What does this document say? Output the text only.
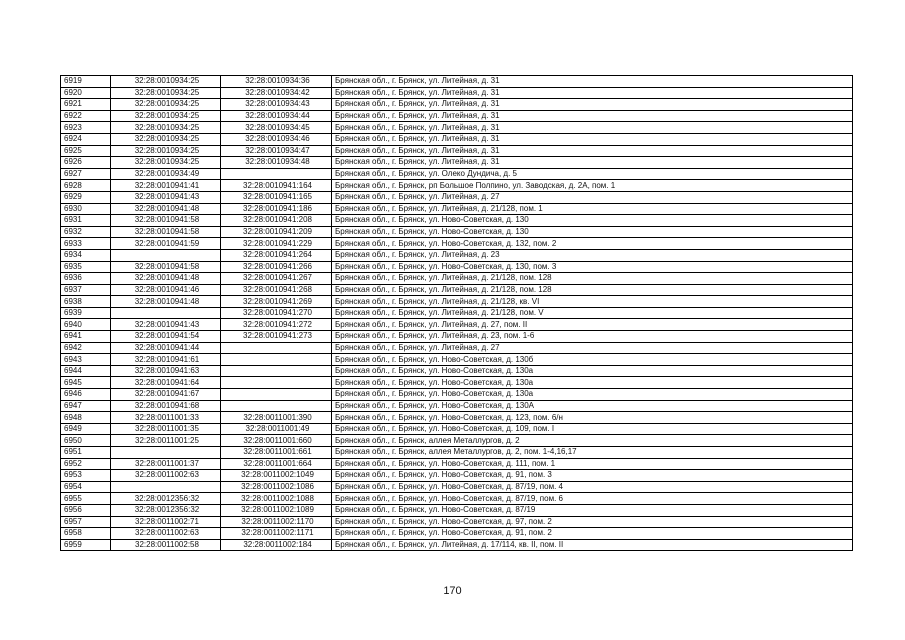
6919	32:28:0010934:25	32:28:0010934:36	Брянская обл., г. Брянск, ул. Литейная, д. 31
6920	32:28:0010934:25	32:28:0010934:42	Брянская обл., г. Брянск, ул. Литейная, д. 31
6921	32:28:0010934:25	32:28:0010934:43	Брянская обл., г. Брянск, ул. Литейная, д. 31
6922	32:28:0010934:25	32:28:0010934:44	Брянская обл., г. Брянск, ул. Литейная, д. 31
6923	32:28:0010934:25	32:28:0010934:45	Брянская обл., г. Брянск, ул. Литейная, д. 31
6924	32:28:0010934:25	32:28:0010934:46	Брянская обл., г. Брянск, ул. Литейная, д. 31
6925	32:28:0010934:25	32:28:0010934:47	Брянская обл., г. Брянск, ул. Литейная, д. 31
6926	32:28:0010934:25	32:28:0010934:48	Брянская обл., г. Брянск, ул. Литейная, д. 31
6927	32:28:0010934:49		Брянская обл., г. Брянск, ул. Олеко Дундича, д. 5
6928	32:28:0010941:41	32:28:0010941:164	Брянская обл., г. Брянск, рп Большое Полпино, ул. Заводская, д. 2А, пом. 1
6929	32:28:0010941:43	32:28:0010941:165	Брянская обл., г. Брянск, ул. Литейная, д. 27
6930	32:28:0010941:48	32:28:0010941:186	Брянская обл., г. Брянск, ул. Литейная, д. 21/128, пом. 1
6931	32:28:0010941:58	32:28:0010941:208	Брянская обл., г. Брянск, ул. Ново-Советская, д. 130
6932	32:28:0010941:58	32:28:0010941:209	Брянская обл., г. Брянск, ул. Ново-Советская, д. 130
6933	32:28:0010941:59	32:28:0010941:229	Брянская обл., г. Брянск, ул. Ново-Советская, д. 132, пом. 2
6934		32:28:0010941:264	Брянская обл., г. Брянск, ул. Литейная, д. 23
6935	32:28:0010941:58	32:28:0010941:266	Брянская обл., г. Брянск, ул. Ново-Советская, д. 130, пом. 3
6936	32:28:0010941:48	32:28:0010941:267	Брянская обл., г. Брянск, ул. Литейная, д. 21/128, пом. 128
6937	32:28:0010941:46	32:28:0010941:268	Брянская обл., г. Брянск, ул. Литейная, д. 21/128, пом. 128
6938	32:28:0010941:48	32:28:0010941:269	Брянская обл., г. Брянск, ул. Литейная, д. 21/128, кв. VI
6939		32:28:0010941:270	Брянская обл., г. Брянск, ул. Литейная, д. 21/128, пом. V
6940	32:28:0010941:43	32:28:0010941:272	Брянская обл., г. Брянск, ул. Литейная, д. 27, пом. II
6941	32:28:0010941:54	32:28:0010941:273	Брянская обл., г. Брянск, ул. Литейная, д. 23, пом. 1-6
6942	32:28:0010941:44		Брянская обл., г. Брянск, ул. Литейная, д. 27
6943	32:28:0010941:61		Брянская обл., г. Брянск, ул. Ново-Советская, д. 130б
6944	32:28:0010941:63		Брянская обл., г. Брянск, ул. Ново-Советская, д. 130а
6945	32:28:0010941:64		Брянская обл., г. Брянск, ул. Ново-Советская, д. 130а
6946	32:28:0010941:67		Брянская обл., г. Брянск, ул. Ново-Советская, д. 130а
6947	32:28:0010941:68		Брянская обл., г. Брянск, ул. Ново-Советская, д. 130А
6948	32:28:0011001:33	32:28:0011001:390	Брянская обл., г. Брянск, ул. Ново-Советская, д. 123, пом. 6/н
6949	32:28:0011001:35	32:28:0011001:49	Брянская обл., г. Брянск, ул. Ново-Советская, д. 109, пом. I
6950	32:28:0011001:25	32:28:0011001:660	Брянская обл., г. Брянск, аллея Металлургов, д. 2
6951		32:28:0011001:661	Брянская обл., г. Брянск, аллея Металлургов, д. 2, пом. 1-4,16,17
6952	32:28:0011001:37	32:28:0011001:664	Брянская обл., г. Брянск, ул. Ново-Советская, д. 111, пом. 1
6953	32:28:0011002:63	32:28:0011002:1049	Брянская обл., г. Брянск, ул. Ново-Советская, д. 91, пом. 3
6954		32:28:0011002:1086	Брянская обл., г. Брянск, ул. Ново-Советская, д. 87/19, пом. 4
6955	32:28:0012356:32	32:28:0011002:1088	Брянская обл., г. Брянск, ул. Ново-Советская, д. 87/19, пом. 6
6956	32:28:0012356:32	32:28:0011002:1089	Брянская обл., г. Брянск, ул. Ново-Советская, д. 87/19
6957	32:28:0011002:71	32:28:0011002:1170	Брянская обл., г. Брянск, ул. Ново-Советская, д. 97, пом. 2
6958	32:28:0011002:63	32:28:0011002:1171	Брянская обл., г. Брянск, ул. Ново-Советская, д. 91, пом. 2
6959	32:28:0011002:58	32:28:0011002:184	Брянская обл., г. Брянск, ул. Литейная, д. 17/114, кв. II, пом. II
170
